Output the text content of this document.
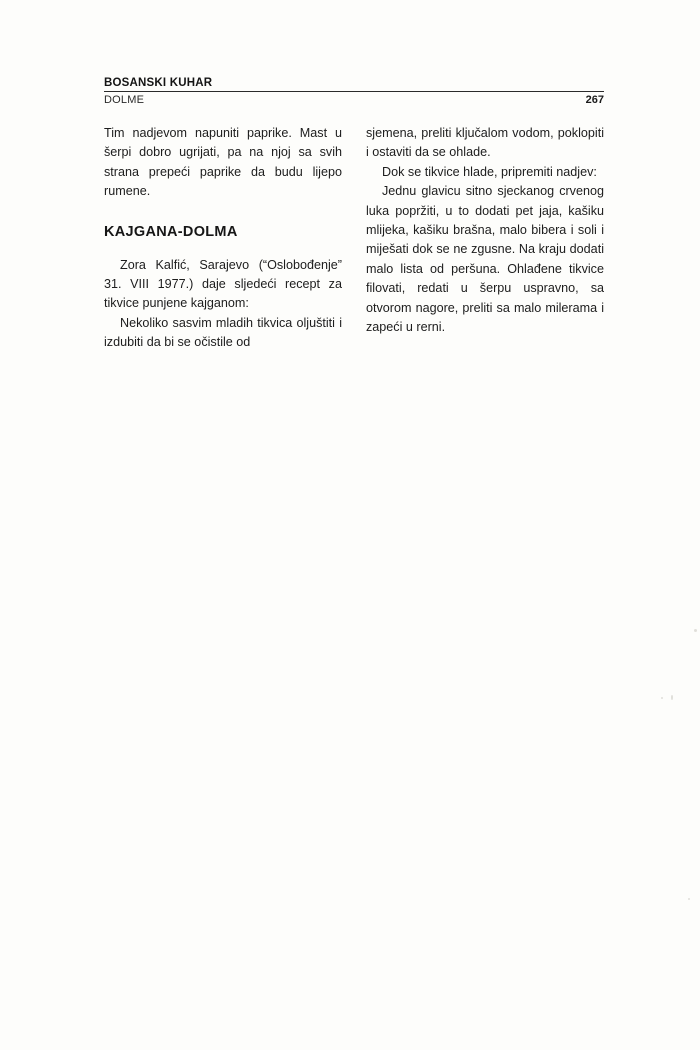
BOSANSKI KUHAR
DOLME	267

Tim nadjevom napuniti paprike. Mast u šerpi dobro ugrijati, pa na njoj sa svih strana prepeći paprike da budu lijepo rumene.

KAJGANA-DOLMA

Zora Kalfić, Sarajevo (“Oslobođenje” 31. VIII 1977.) daje sljedeći recept za tikvice punjene kajganom:

Nekoliko sasvim mladih tikvica oljuštiti i izdubiti da bi se očistile od

sjemena, preliti ključalom vodom, poklopiti i ostaviti da se ohlade.

Dok se tikvice hlade, pripremiti nadjev:

Jednu glavicu sitno sjeckanog crvenog luka popržiti, u to dodati pet jaja, kašiku mlijeka, kašiku brašna, malo bibera i soli i miješati dok se ne zgusne. Na kraju dodati malo lista od peršuna. Ohlađene tikvice filovati, redati u šerpu uspravno, sa otvorom nagore, preliti sa malo milerama i zapeći u rerni.
